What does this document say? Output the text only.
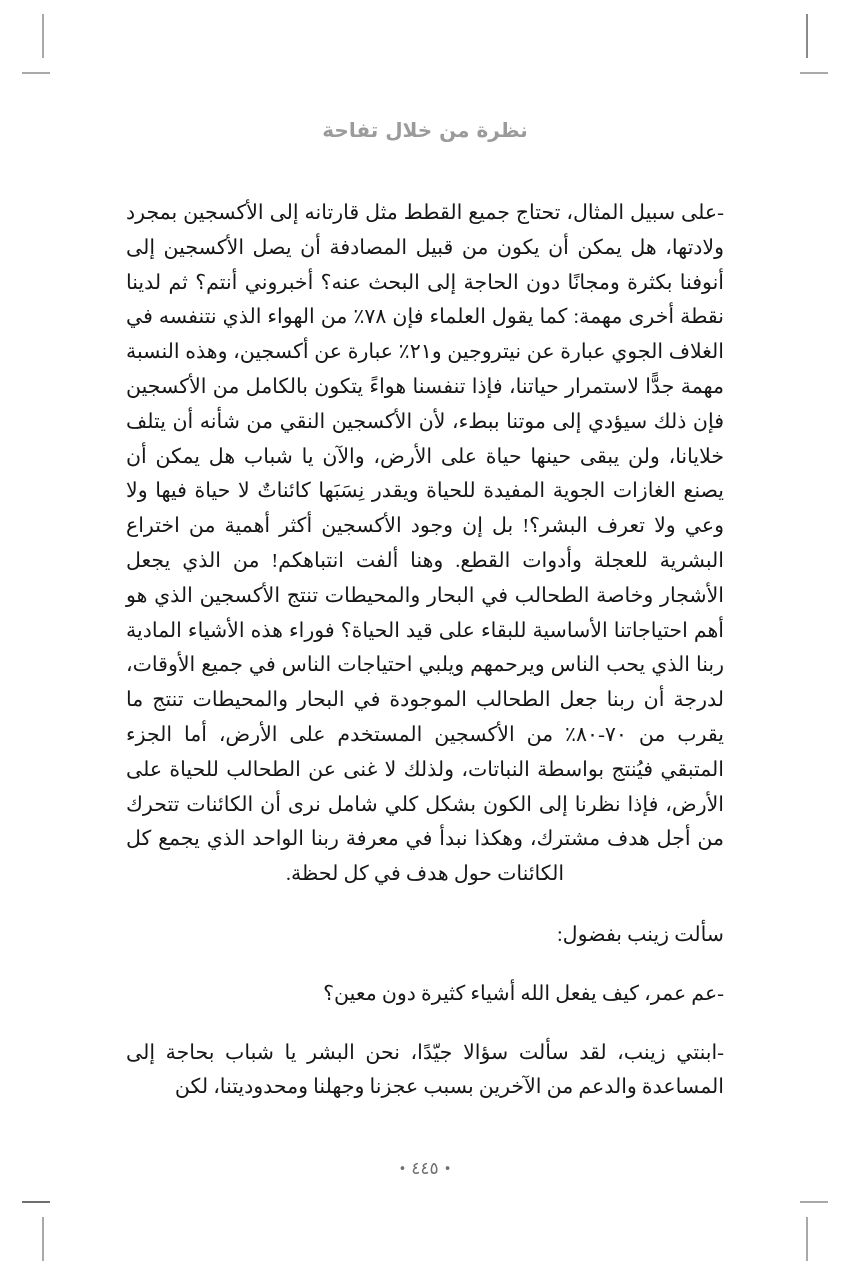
نظرة من خلال تفاحة

-على سبيل المثال، تحتاج جميع القطط مثل قارتانه إلى الأكسجين بمجرد ولادتها، هل يمكن أن يكون من قبيل المصادفة أن يصل الأكسجين إلى أنوفنا بكثرة ومجانًا دون الحاجة إلى البحث عنه؟ أخبروني أنتم؟ ثم لدينا نقطة أخرى مهمة: كما يقول العلماء فإن ٧٨٪ من الهواء الذي نتنفسه في الغلاف الجوي عبارة عن نيتروجين و٢١٪ عبارة عن أكسجين، وهذه النسبة مهمة جدًّا لاستمرار حياتنا، فإذا تنفسنا هواءً يتكون بالكامل من الأكسجين فإن ذلك سيؤدي إلى موتنا ببطء، لأن الأكسجين النقي من شأنه أن يتلف خلايانا، ولن يبقى حينها حياة على الأرض، والآن يا شباب هل يمكن أن يصنع الغازات الجوية المفيدة للحياة ويقدر نِسَبَها كائناتٌ لا حياة فيها ولا وعي ولا تعرف البشر؟! بل إن وجود الأكسجين أكثر أهمية من اختراع البشرية للعجلة وأدوات القطع. وهنا ألفت انتباهكم! من الذي يجعل الأشجار وخاصة الطحالب في البحار والمحيطات تنتج الأكسجين الذي هو أهم احتياجاتنا الأساسية للبقاء على قيد الحياة؟ فوراء هذه الأشياء المادية ربنا الذي يحب الناس ويرحمهم ويلبي احتياجات الناس في جميع الأوقات، لدرجة أن ربنا جعل الطحالب الموجودة في البحار والمحيطات تنتج ما يقرب من ٧٠-٨٠٪ من الأكسجين المستخدم على الأرض، أما الجزء المتبقي فيُنتج بواسطة النباتات، ولذلك لا غنى عن الطحالب للحياة على الأرض، فإذا نظرنا إلى الكون بشكل كلي شامل نرى أن الكائنات تتحرك من أجل هدف مشترك، وهكذا نبدأ في معرفة ربنا الواحد الذي يجمع كل الكائنات حول هدف في كل لحظة.

سألت زينب بفضول:

-عم عمر، كيف يفعل الله أشياء كثيرة دون معين؟

-ابنتي زينب، لقد سألت سؤالا جيّدًا، نحن البشر يا شباب بحاجة إلى المساعدة والدعم من الآخرين بسبب عجزنا وجهلنا ومحدوديتنا، لكن

•٤٤٥•
